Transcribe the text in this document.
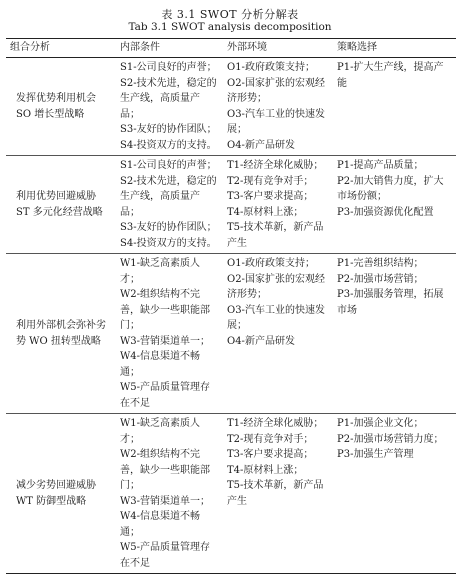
表 3.1 SWOT 分析分解表
Tab 3.1 SWOT analysis decomposition
组合分析	内部条件	外部环境	策略选择
发挥优势利用机会 SO 增长型战略	S1-公司良好的声誉；
S2-技术先进，稳定的生产线，高质量产品；
S3-友好的协作团队；
S4-投资双方的支持。	O1-政府政策支持；
O2-国家扩张的宏观经济形势；
O3-汽车工业的快速发展；
O4-新产品研发	P1-扩大生产线，提高产能

利用优势回避威胁 ST 多元化经营战略	S1-公司良好的声誉；
S2-技术先进，稳定的生产线，高质量产品；
S3-友好的协作团队；
S4-投资双方的支持。	T1-经济全球化威胁；
T2-现有竞争对手；
T3-客户要求提高；
T4-原材料上涨；
T5-技术革新，新产品产生	P1-提高产品质量；
P2-加大销售力度，扩大市场份额；
P3-加强资源优化配置

利用外部机会弥补劣势 WO 扭转型战略	W1-缺乏高素质人才；
W2-组织结构不完善，缺少一些职能部门；
W3-营销渠道单一；
W4-信息渠道不畅通；
W5-产品质量管理存在不足	O1-政府政策支持；
O2-国家扩张的宏观经济形势；
O3-汽车工业的快速发展；
O4-新产品研发	P1-完善组织结构；
P2-加强市场营销；
P3-加强服务管理，拓展市场

减少劣势回避威胁 WT 防御型战略	W1-缺乏高素质人才；
W2-组织结构不完善，缺少一些职能部门；
W3-营销渠道单一；
W4-信息渠道不畅通；
W5-产品质量管理存在不足	T1-经济全球化威胁；
T2-现有竞争对手；
T3-客户要求提高；
T4-原材料上涨；
T5-技术革新，新产品产生	P1-加强企业文化；
P2-加强市场营销力度；
P3-加强生产管理
